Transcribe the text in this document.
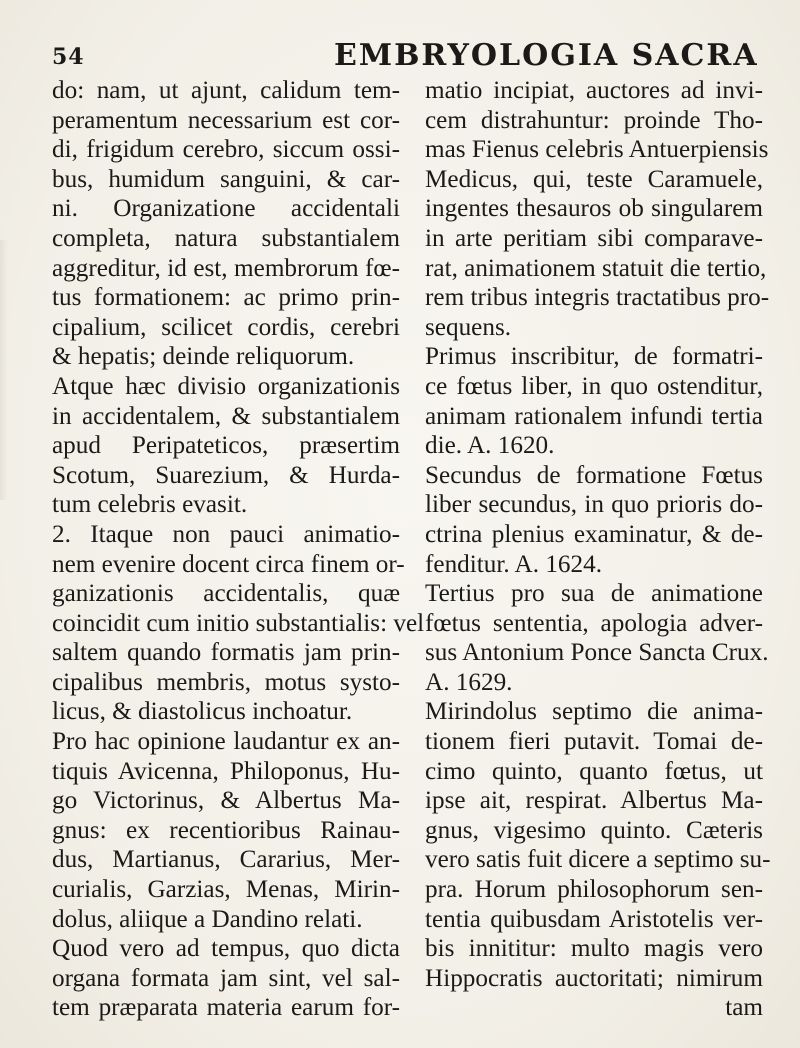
54	EMBRYOLOGIA SACRA
do: nam, ut ajunt, calidum tem-
peramentum necessarium est cor-
di, frigidum cerebro, siccum ossi-
bus, humidum sanguini, & car-
ni. Organizatione accidentali
completa, natura substantialem
aggreditur, id est, membrorum fœ-
tus formationem: ac primo prin-
cipalium, scilicet cordis, cerebri
& hepatis; deinde reliquorum.
Atque hæc divisio organizationis
in accidentalem, & substantialem
apud Peripateticos, præsertim
Scotum, Suarezium, & Hurda-
tum celebris evasit.
2. Itaque non pauci animatio-
nem evenire docent circa finem or-
ganizationis accidentalis, quæ
coincidit cum initio substantialis: vel
saltem quando formatis jam prin-
cipalibus membris, motus systo-
licus, & diastolicus inchoatur.
Pro hac opinione laudantur ex an-
tiquis Avicenna, Philoponus, Hu-
go Victorinus, & Albertus Ma-
gnus: ex recentioribus Rainau-
dus, Martianus, Cararius, Mer-
curialis, Garzias, Menas, Mirin-
dolus, aliique a Dandino relati.
Quod vero ad tempus, quo dicta
organa formata jam sint, vel sal-
tem præparata materia earum for-
matio incipiat, auctores ad invi-
cem distrahuntur: proinde Tho-
mas Fienus celebris Antuerpiensis
Medicus, qui, teste Caramuele,
ingentes thesauros ob singularem
in arte peritiam sibi comparave-
rat, animationem statuit die tertio,
rem tribus integris tractatibus pro-
sequens.
Primus inscribitur, de formatri-
ce fœtus liber, in quo ostenditur,
animam rationalem infundi tertia
die. A. 1620.
Secundus de formatione Fœtus
liber secundus, in quo prioris do-
ctrina plenius examinatur, & de-
fenditur. A. 1624.
Tertius pro sua de animatione
fœtus sententia, apologia adver-
sus Antonium Ponce Sancta Crux.
A. 1629.
Mirindolus septimo die anima-
tionem fieri putavit. Tomai de-
cimo quinto, quanto fœtus, ut
ipse ait, respirat. Albertus Ma-
gnus, vigesimo quinto. Cæteris
vero satis fuit dicere a septimo su-
pra. Horum philosophorum sen-
tentia quibusdam Aristotelis ver-
bis innititur: multo magis vero
Hippocratis auctoritati; nimirum
tam
